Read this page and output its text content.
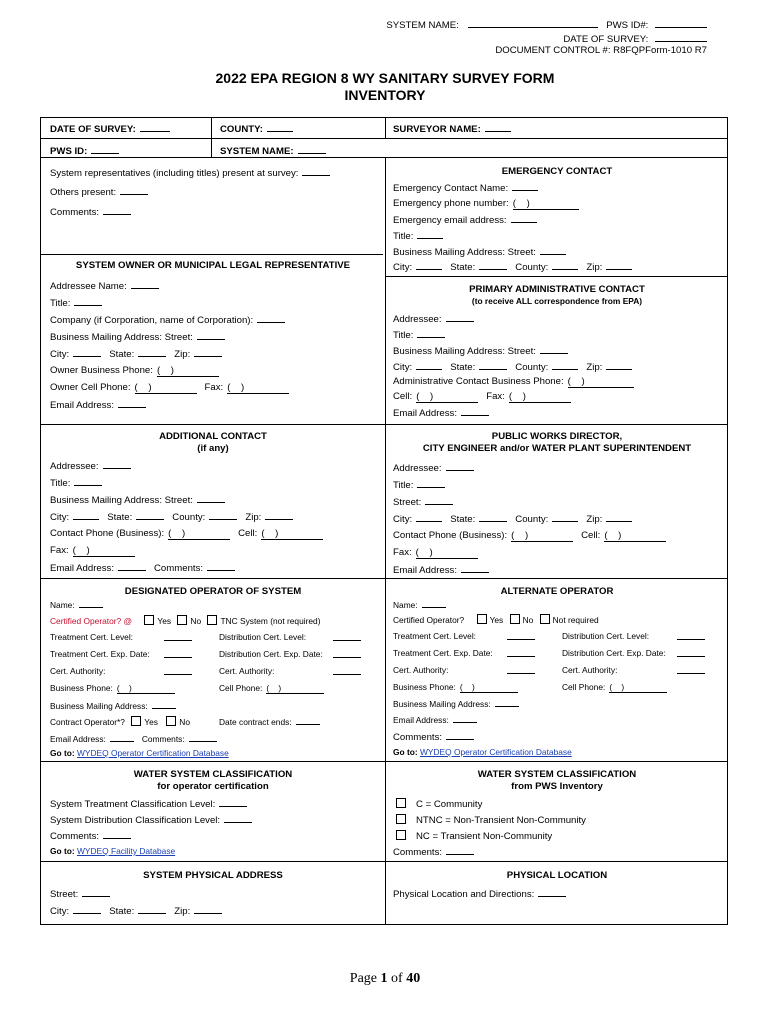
SYSTEM NAME:	PWS ID#:
DATE OF SURVEY:
DOCUMENT CONTROL #: R8FQPForm-1010 R7
2022 EPA REGION 8 WY SANITARY SURVEY FORM
INVENTORY
DATE OF SURVEY:	COUNTY:	SURVEYOR NAME:
PWS ID:	SYSTEM NAME:
System representatives (including titles) present at survey:
Others present:
Comments:
EMERGENCY CONTACT
Emergency Contact Name:
Emergency phone number: (    )
Emergency email address:
Title:
Business Mailing Address: Street:
City:	State:	County:	Zip:
SYSTEM OWNER OR MUNICIPAL LEGAL REPRESENTATIVE
Addressee Name:
Title:
Company (if Corporation, name of Corporation):
Business Mailing Address: Street:
City:	State:	Zip:
Owner Business Phone: (    )
Owner Cell Phone: (    )	Fax: (    )
Email Address:
PRIMARY ADMINISTRATIVE CONTACT
(to receive ALL correspondence from EPA)
Addressee:
Title:
Business Mailing Address: Street:
City:	State:	County:	Zip:
Administrative Contact Business Phone: (    )
Cell: (    )	Fax: (    )
Email Address:
ADDITIONAL CONTACT
(if any)
Addressee:
Title:
Business Mailing Address: Street:
City:	State:	County:	Zip:
Contact Phone (Business): (    )	Cell: (    )
Fax: (    )
Email Address:	Comments:
PUBLIC WORKS DIRECTOR,
CITY ENGINEER and/or WATER PLANT SUPERINTENDENT
Addressee:
Title:
Street:
City:	State:	County:	Zip:
Contact Phone (Business): (    )	Cell: (    )
Fax: (    )
Email Address:
DESIGNATED OPERATOR OF SYSTEM
Name:
Certified Operator? @	Yes No TNC System (not required)
Treatment Cert. Level:	Distribution Cert. Level:
Treatment Cert. Exp. Date:	Distribution Cert. Exp. Date:
Cert. Authority:	Cert. Authority:
Business Phone: (    )	Cell Phone: (    )
Business Mailing Address:
Contract Operator*? Yes	No	Date contract ends:
Email Address:	Comments:
Go to: WYDEQ Operator Certification Database
ALTERNATE OPERATOR
Name:
Certified Operator?	Yes No Not required
Treatment Cert. Level:	Distribution Cert. Level:
Treatment Cert. Exp. Date:	Distribution Cert. Exp. Date:
Cert. Authority:	Cert. Authority:
Business Phone: (    )	Cell Phone: (    )
Business Mailing Address:
Email Address:
Comments:
Go to: WYDEQ Operator Certification Database
WATER SYSTEM CLASSIFICATION
for operator certification
System Treatment Classification Level:
System Distribution Classification Level:
Comments:
Go to: WYDEQ Facility Database
WATER SYSTEM CLASSIFICATION
from PWS Inventory
C = Community
NTNC = Non-Transient Non-Community
NC = Transient Non-Community
Comments:
SYSTEM PHYSICAL ADDRESS
Street:
City:	State:	Zip:
PHYSICAL LOCATION
Physical Location and Directions:
Page 1 of 40
